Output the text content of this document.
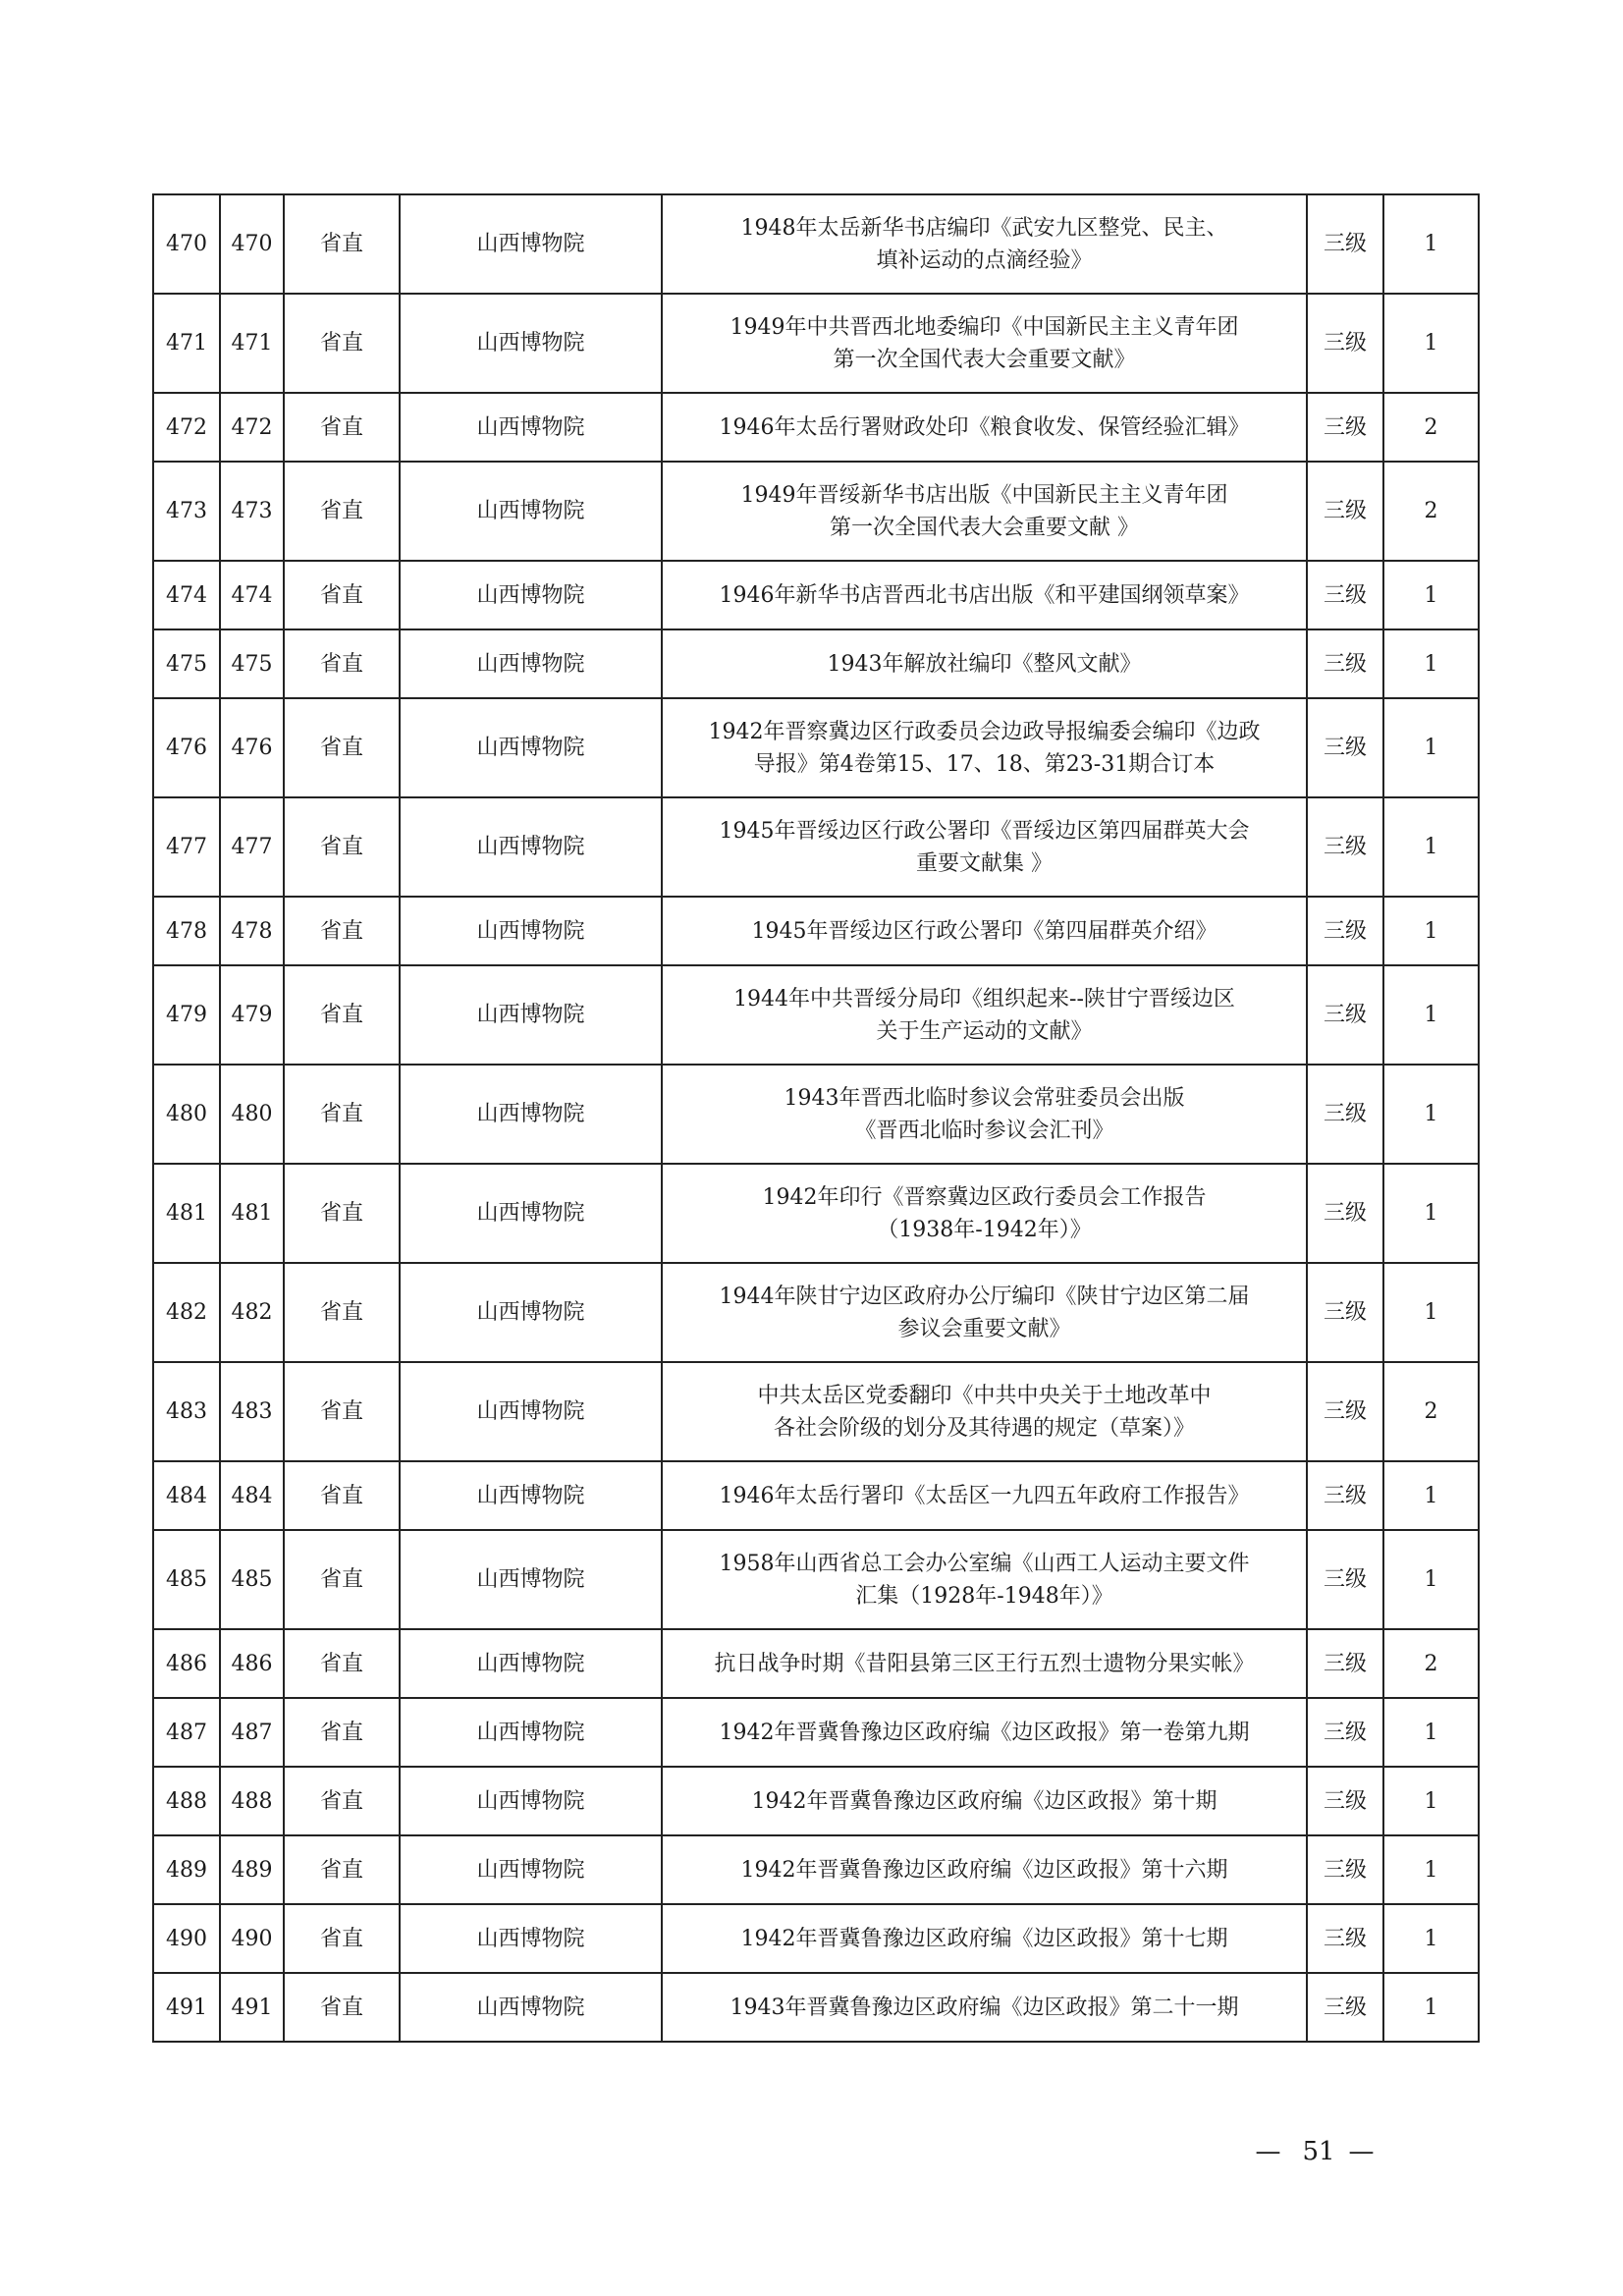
470	470	省直	山西博物院	1948年太岳新华书店编印《武安九区整党、民主、
填补运动的点滴经验》	三级	1
471	471	省直	山西博物院	1949年中共晋西北地委编印《中国新民主主义青年团
第一次全国代表大会重要文献》	三级	1
472	472	省直	山西博物院	1946年太岳行署财政处印《粮食收发、保管经验汇辑》	三级	2
473	473	省直	山西博物院	1949年晋绥新华书店出版《中国新民主主义青年团
第一次全国代表大会重要文献 》	三级	2
474	474	省直	山西博物院	1946年新华书店晋西北书店出版《和平建国纲领草案》	三级	1
475	475	省直	山西博物院	1943年解放社编印《整风文献》	三级	1
476	476	省直	山西博物院	1942年晋察冀边区行政委员会边政导报编委会编印《边政
导报》第4卷第15、17、18、第23-31期合订本	三级	1
477	477	省直	山西博物院	1945年晋绥边区行政公署印《晋绥边区第四届群英大会
重要文献集 》	三级	1
478	478	省直	山西博物院	1945年晋绥边区行政公署印《第四届群英介绍》	三级	1
479	479	省直	山西博物院	1944年中共晋绥分局印《组织起来--陕甘宁晋绥边区
关于生产运动的文献》	三级	1
480	480	省直	山西博物院	1943年晋西北临时参议会常驻委员会出版
《晋西北临时参议会汇刊》	三级	1
481	481	省直	山西博物院	1942年印行《晋察冀边区政行委员会工作报告
（1938年-1942年）》	三级	1
482	482	省直	山西博物院	1944年陕甘宁边区政府办公厅编印《陕甘宁边区第二届
参议会重要文献》	三级	1
483	483	省直	山西博物院	中共太岳区党委翻印《中共中央关于土地改革中
各社会阶级的划分及其待遇的规定（草案）》	三级	2
484	484	省直	山西博物院	1946年太岳行署印《太岳区一九四五年政府工作报告》	三级	1
485	485	省直	山西博物院	1958年山西省总工会办公室编《山西工人运动主要文件
汇集（1928年-1948年）》	三级	1
486	486	省直	山西博物院	抗日战争时期《昔阳县第三区王行五烈士遗物分果实帐》	三级	2
487	487	省直	山西博物院	1942年晋冀鲁豫边区政府编《边区政报》第一卷第九期	三级	1
488	488	省直	山西博物院	1942年晋冀鲁豫边区政府编《边区政报》第十期	三级	1
489	489	省直	山西博物院	1942年晋冀鲁豫边区政府编《边区政报》第十六期	三级	1
490	490	省直	山西博物院	1942年晋冀鲁豫边区政府编《边区政报》第十七期	三级	1
491	491	省直	山西博物院	1943年晋冀鲁豫边区政府编《边区政报》第二十一期	三级	1
— 51 —
